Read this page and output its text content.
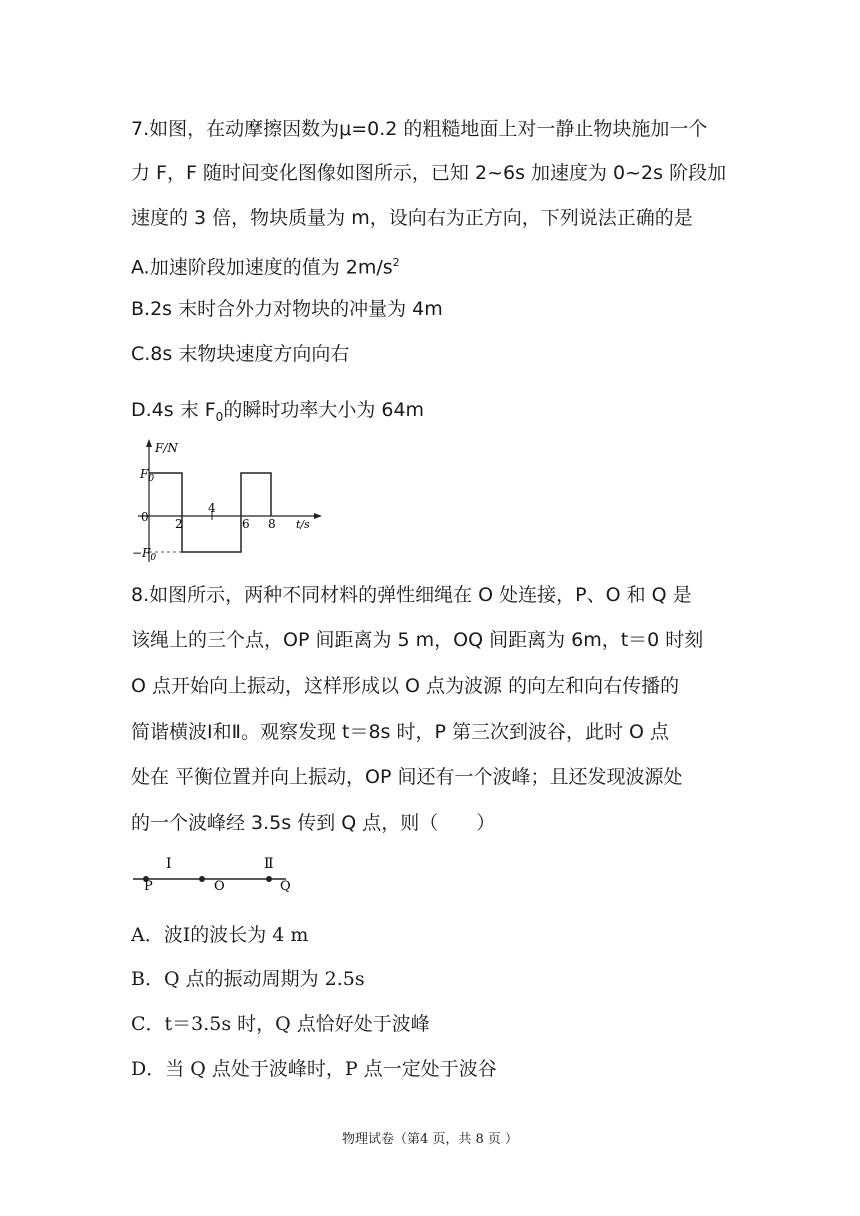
7.如图，在动摩擦因数为μ=0.2 的粗糙地面上对一静止物块施加一个
力 F，F 随时间变化图像如图所示，已知 2~6s 加速度为 0~2s 阶段加
速度的 3 倍，物块质量为 m，设向右为正方向，下列说法正确的是
A.加速阶段加速度的值为 $2m/s^2$
B.2s 末时合外力对物块的冲量为 4m
C.8s 末物块速度方向向右
D.4s 末 $F_0$的瞬时功率大小为 64m
F/N
$F_0$
$-F_0$
0 2
4
6 8 t/s
8.如图所示，两种不同材料的弹性细绳在 O 处连接，P、O 和 Q 是
该绳上的三个点，OP 间距离为 5 m，OQ 间距离为 6m，t＝0 时刻
O 点开始向上振动，这样形成以 O 点为波源 的向左和向右传播的
简谐横波Ⅰ和Ⅱ。观察发现 t＝8s 时，P 第三次到波谷，此时 O 点
处在 平衡位置并向上振动，OP 间还有一个波峰；且还发现波源处
的一个波峰经 3.5s 传到 Q 点，则（　　）
Ⅰ	Ⅱ
P	O	Q
A．波Ⅰ的波长为 4 m
B．Q 点的振动周期为 2.5s
C．t＝3.5s 时，Q 点恰好处于波峰
D．当 Q 点处于波峰时，P 点一定处于波谷
物理试卷（第4 页，共 8 页 ）
